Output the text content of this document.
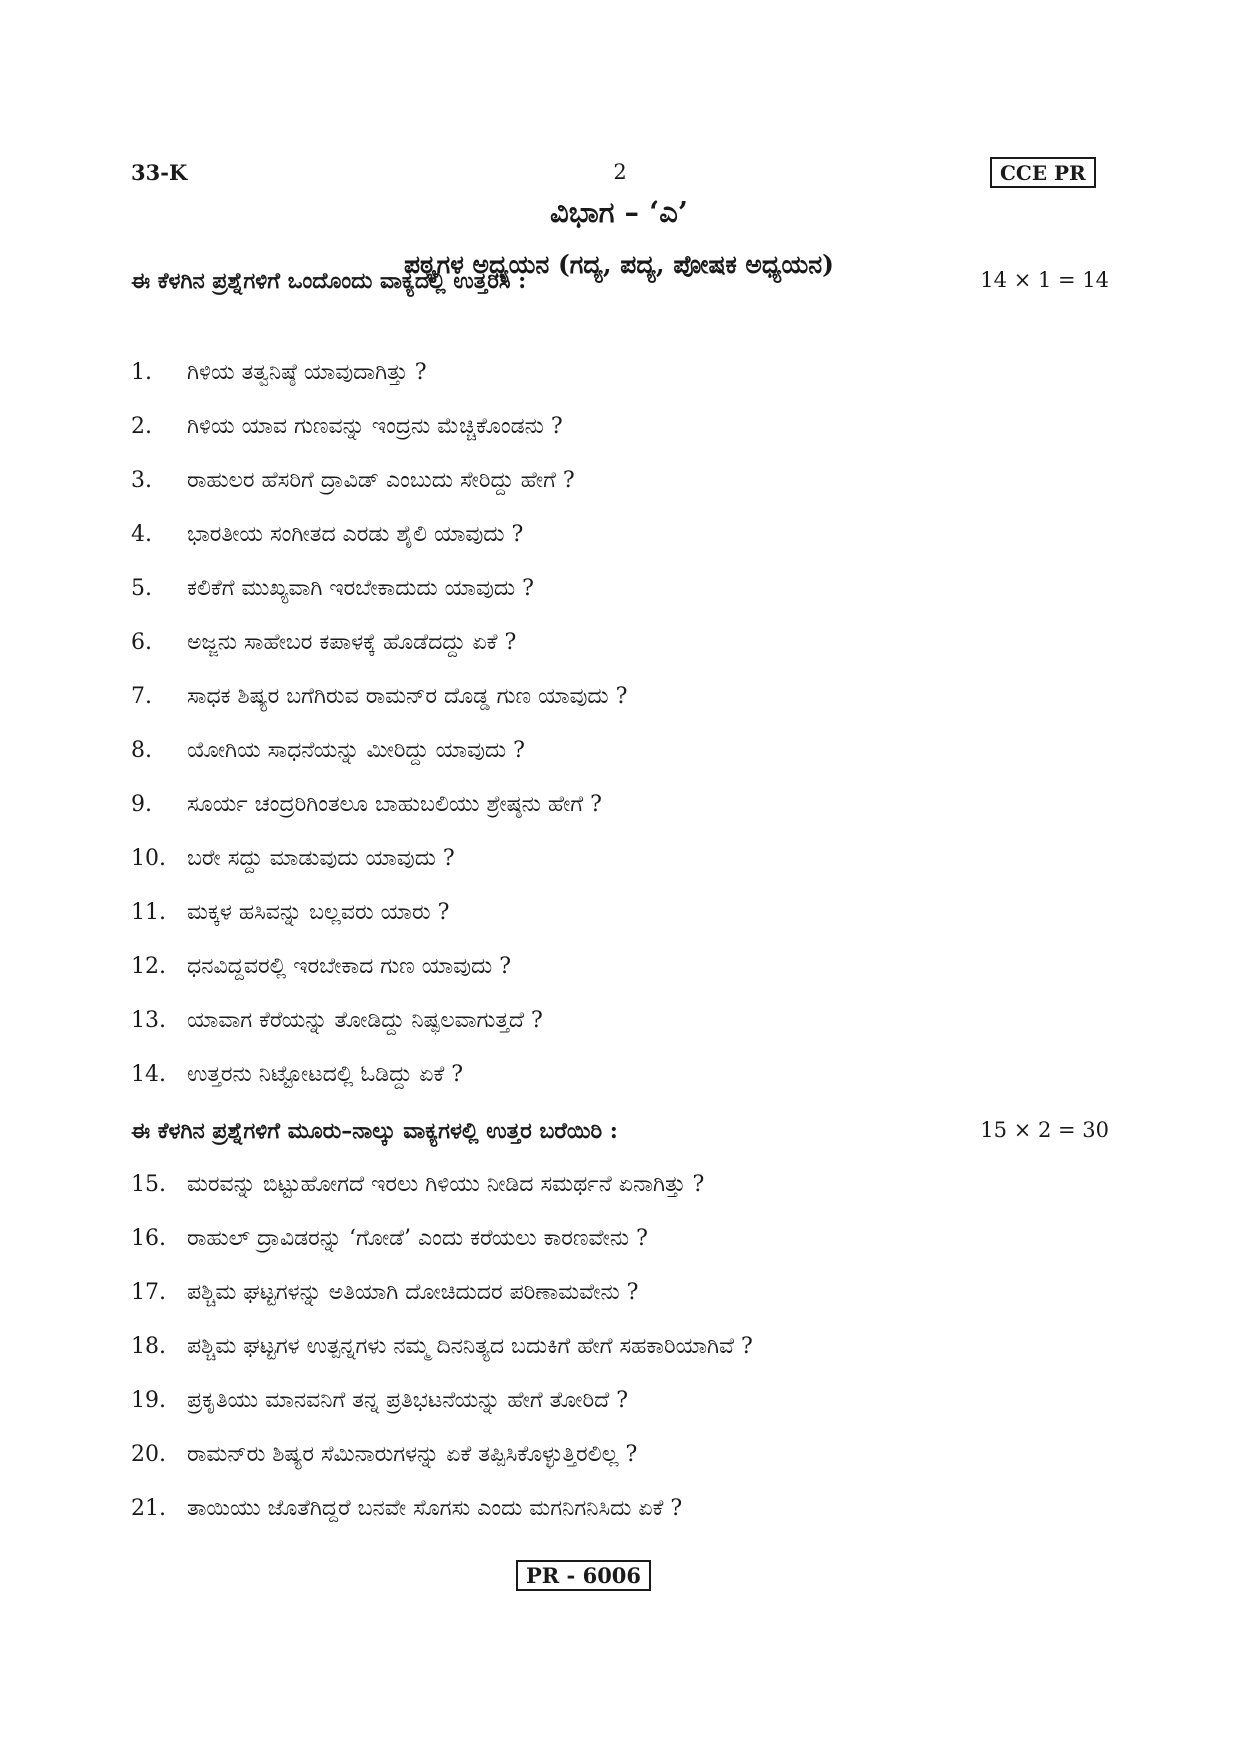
33-K	2	CCE PR
ವಿಭಾಗ – ‘ಎ’
ಪಠ್ಯಗಳ ಅಧ್ಯಯನ (ಗದ್ಯ, ಪದ್ಯ, ಪೋಷಕ ಅಧ್ಯಯನ)
ಈ ಕೆಳಗಿನ ಪ್ರಶ್ನೆಗಳಿಗೆ ಒಂದೊಂದು ವಾಕ್ಯದಲ್ಲಿ ಉತ್ತರಿಸಿ :	14 × 1 = 14
1.	ಗಿಳಿಯ ತತ್ವನಿಷ್ಠೆ ಯಾವುದಾಗಿತ್ತು ?
2.	ಗಿಳಿಯ ಯಾವ ಗುಣವನ್ನು ಇಂದ್ರನು ಮೆಚ್ಚಿಕೊಂಡನು ?
3.	ರಾಹುಲರ ಹೆಸರಿಗೆ ದ್ರಾವಿಡ್ ಎಂಬುದು ಸೇರಿದ್ದು ಹೇಗೆ ?
4.	ಭಾರತೀಯ ಸಂಗೀತದ ಎರಡು ಶೈಲಿ ಯಾವುದು ?
5.	ಕಲಿಕೆಗೆ ಮುಖ್ಯವಾಗಿ ಇರಬೇಕಾದುದು ಯಾವುದು ?
6.	ಅಜ್ಜನು ಸಾಹೇಬರ ಕಪಾಳಕ್ಕೆ ಹೊಡೆದದ್ದು ಏಕೆ ?
7.	ಸಾಧಕ ಶಿಷ್ಯರ ಬಗೆಗಿರುವ ರಾಮನ್‌ರ ದೊಡ್ಡ ಗುಣ ಯಾವುದು ?
8.	ಯೋಗಿಯ ಸಾಧನೆಯನ್ನು ಮೀರಿದ್ದು ಯಾವುದು ?
9.	ಸೂರ್ಯ ಚಂದ್ರರಿಗಿಂತಲೂ ಬಾಹುಬಲಿಯು ಶ್ರೇಷ್ಠನು ಹೇಗೆ ?
10. ಬರೇ ಸದ್ದು ಮಾಡುವುದು ಯಾವುದು ?
11. ಮಕ್ಕಳ ಹಸಿವನ್ನು ಬಲ್ಲವರು ಯಾರು ?
12. ಧನವಿದ್ದವರಲ್ಲಿ ಇರಬೇಕಾದ ಗುಣ ಯಾವುದು ?
13. ಯಾವಾಗ ಕೆರೆಯನ್ನು ತೋಡಿದ್ದು ನಿಷ್ಫಲವಾಗುತ್ತದೆ ?
14. ಉತ್ತರನು ನಿಟ್ಟೋಟದಲ್ಲಿ ಓಡಿದ್ದು ಏಕೆ ?
ಈ ಕೆಳಗಿನ ಪ್ರಶ್ನೆಗಳಿಗೆ ಮೂರು–ನಾಲ್ಕು ವಾಕ್ಯಗಳಲ್ಲಿ ಉತ್ತರ ಬರೆಯಿರಿ :	15 × 2 = 30
15. ಮರವನ್ನು ಬಿಟ್ಟುಹೋಗದೆ ಇರಲು ಗಿಳಿಯು ನೀಡಿದ ಸಮರ್ಥನೆ ಏನಾಗಿತ್ತು ?
16. ರಾಹುಲ್ ದ್ರಾವಿಡರನ್ನು ‘ಗೋಡೆ’ ಎಂದು ಕರೆಯಲು ಕಾರಣವೇನು ?
17. ಪಶ್ಚಿಮ ಘಟ್ಟಗಳನ್ನು ಅತಿಯಾಗಿ ದೋಚಿದುದರ ಪರಿಣಾಮವೇನು ?
18. ಪಶ್ಚಿಮ ಘಟ್ಟಗಳ ಉತ್ಪನ್ನಗಳು ನಮ್ಮ ದಿನನಿತ್ಯದ ಬದುಕಿಗೆ ಹೇಗೆ ಸಹಕಾರಿಯಾಗಿವೆ ?
19. ಪ್ರಕೃತಿಯು ಮಾನವನಿಗೆ ತನ್ನ ಪ್ರತಿಭಟನೆಯನ್ನು ಹೇಗೆ ತೋರಿದೆ ?
20. ರಾಮನ್‌ರು ಶಿಷ್ಯರ ಸೆಮಿನಾರುಗಳನ್ನು ಏಕೆ ತಪ್ಪಿಸಿಕೊಳ್ಳುತ್ತಿರಲಿಲ್ಲ ?
21. ತಾಯಿಯು ಜೊತೆಗಿದ್ದರೆ ಬನವೇ ಸೊಗಸು ಎಂದು ಮಗನಿಗನಿಸಿದು ಏಕೆ ?
PR - 6006
